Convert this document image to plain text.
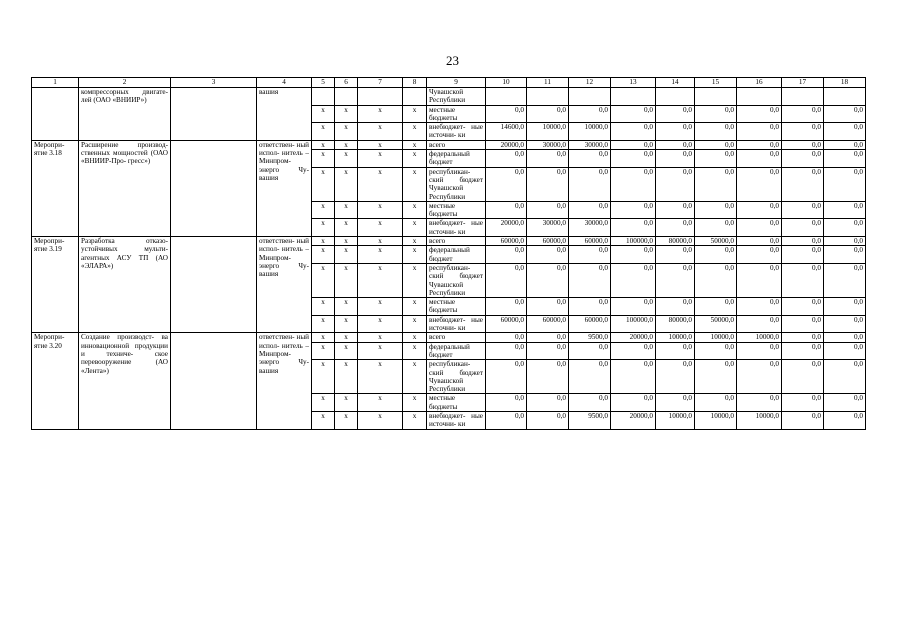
23
1	2	3	4	5	6	7	8	9	10	11	12	13	14	15	16	17	18
	компрессорных двигате- лей (ОАО «ВНИИР»)		вашия					Чувашской Республики									
				х	х	х	х	местные бюджеты	0,0	0,0	0,0	0,0	0,0	0,0	0,0	0,0	0,0
				х	х	х	х	внебюджет- ные источни- ки	14600,0	10000,0	10000,0	0,0	0,0	0,0	0,0	0,0	0,0
Меропри- ятие 3.18	Расширение производ- ственных мощностей (ОАО «ВНИИР-Про- гресс»)		ответствен- ный испол- нитель – Минпром- энерго Чу- вашия	х	х	х	х	всего	20000,0	30000,0	30000,0	0,0	0,0	0,0	0,0	0,0	0,0
				х	х	х	х	федеральный бюджет	0,0	0,0	0,0	0,0	0,0	0,0	0,0	0,0	0,0
				х	х	х	х	республикан- ский бюджет Чувашской Республики	0,0	0,0	0,0	0,0	0,0	0,0	0,0	0,0	0,0
				х	х	х	х	местные бюджеты	0,0	0,0	0,0	0,0	0,0	0,0	0,0	0,0	0,0
				х	х	х	х	внебюджет- ные источни- ки	20000,0	30000,0	30000,0	0,0	0,0	0,0	0,0	0,0	0,0
Меропри- ятие 3.19	Разработка отказо- устойчивых мульти- агентных АСУ ТП (АО «ЭЛАРА»)		ответствен- ный испол- нитель – Минпром- энерго Чу- вашия	х	х	х	х	всего	60000,0	60000,0	60000,0	100000,0	80000,0	50000,0	0,0	0,0	0,0
				х	х	х	х	федеральный бюджет	0,0	0,0	0,0	0,0	0,0	0,0	0,0	0,0	0,0
				х	х	х	х	республикан- ский бюджет Чувашской Республики	0,0	0,0	0,0	0,0	0,0	0,0	0,0	0,0	0,0
				х	х	х	х	местные бюджеты	0,0	0,0	0,0	0,0	0,0	0,0	0,0	0,0	0,0
				х	х	х	х	внебюджет- ные источни- ки	60000,0	60000,0	60000,0	100000,0	80000,0	50000,0	0,0	0,0	0,0
Меропри- ятие 3.20	Создание производст- ва инновационной продукции и техниче- ское перевооружение (АО «Лента»)		ответствен- ный испол- нитель – Минпром- энерго Чу- вашия	х	х	х	х	всего	0,0	0,0	9500,0	20000,0	10000,0	10000,0	10000,0	0,0	0,0
				х	х	х	х	федеральный бюджет	0,0	0,0	0,0	0,0	0,0	0,0	0,0	0,0	0,0
				х	х	х	х	республикан- ский бюджет Чувашской Республики	0,0	0,0	0,0	0,0	0,0	0,0	0,0	0,0	0,0
				х	х	х	х	местные бюджеты	0,0	0,0	0,0	0,0	0,0	0,0	0,0	0,0	0,0
				х	х	х	х	внебюджет- ные источни- ки	0,0	0,0	9500,0	20000,0	10000,0	10000,0	10000,0	0,0	0,0
